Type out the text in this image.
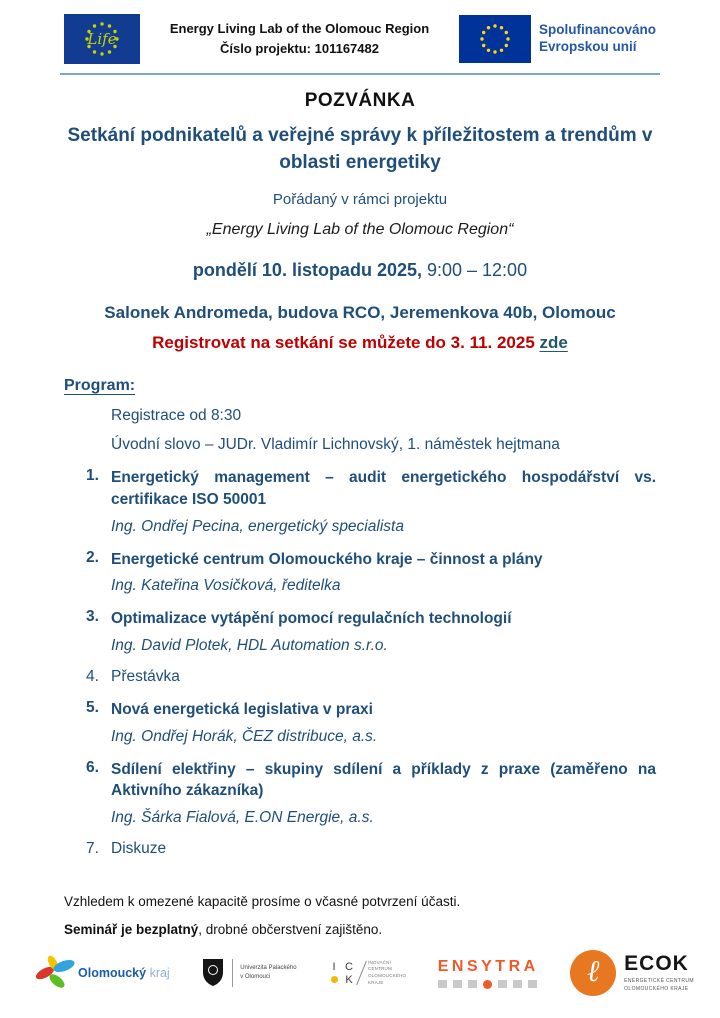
Life
Energy Living Lab of the Olomouc Region
Číslo projektu: 101167482
Spolufinancováno
Evropskou unií
POZVÁNKA
Setkání podnikatelů a veřejné správy k příležitostem a trendům v oblasti energetiky
Pořádaný v rámci projektu
„Energy Living Lab of the Olomouc Region“
pondělí 10. listopadu 2025, 9:00 – 12:00
Salonek Andromeda, budova RCO, Jeremenkova 40b, Olomouc
Registrovat na setkání se můžete do 3. 11. 2025 zde
Program:
Registrace od 8:30
Úvodní slovo – JUDr. Vladimír Lichnovský, 1. náměstek hejtmana
1. Energetický management – audit energetického hospodářství vs. certifikace ISO 50001
Ing. Ondřej Pecina, energetický specialista
2. Energetické centrum Olomouckého kraje – činnost a plány
Ing. Kateřina Vosičková, ředitelka
3. Optimalizace vytápění pomocí regulačních technologií
Ing. David Plotek, HDL Automation s.r.o.
4. Přestávka
5. Nová energetická legislativa v praxi
Ing. Ondřej Horák, ČEZ distribuce, a.s.
6. Sdílení elektřiny – skupiny sdílení a příklady z praxe (zaměřeno na Aktivního zákazníka)
Ing. Šárka Fialová, E.ON Energie, a.s.
7. Diskuze
Vzhledem k omezené kapacitě prosíme o včasné potvrzení účasti.
Seminář je bezplatný, drobné občerstvení zajištěno.
Olomoucký kraj	Univerzita Palackého
v Olomouci
I C
K
INOVAČNÍ
CENTRUM
OLOMOUCKÉHO
KRAJE
ENSYTRA ℓ ECOK
ENERGETICKÉ CENTRUM
OLOMOUCKÉHO KRAJE
